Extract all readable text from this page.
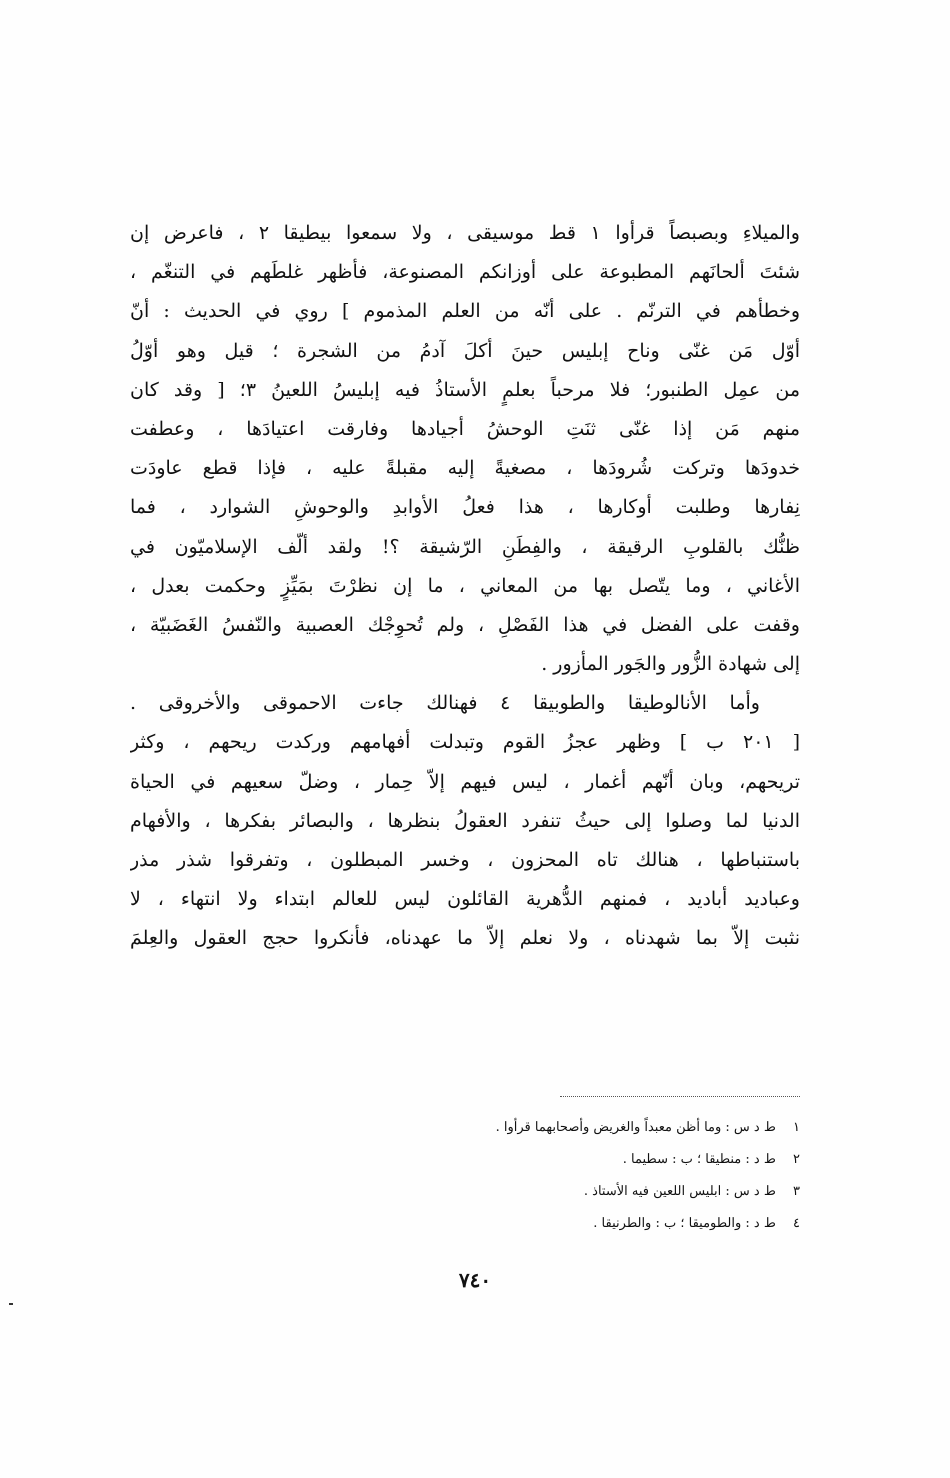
والميلاءِ وبصبصاً قرأوا ١ قط موسيقى ، ولا سمعوا بيطيقا ٢ ، فاعرض إن
شئتَ ألحانَهم المطبوعة على أوزانكم المصنوعة، فأظهر غلطَهم في التنغّم ،
وخطأهم في الترنّم . على أنّه من العلم المذموم ] روي في الحديث : أنّ
أوّل مَن غنّى وناح إبليس حينَ أكلَ آدمُ من الشجرة ؛ قيل وهو أوّلُ
من عمِل الطنبور؛ فلا مرحباً بعلمٍ الأستاذُ فيه إبليسُ اللعينُ ٣؛ [ وقد كان
منهم مَن إذا غنّى ثنَتِ الوحشُ أجيادها وفارقت اعتيادَها ، وعطفت
خدودَها وتركت شُرودَها ، مصغيةً إليه مقبلةً عليه ، فإذا قطع عاودَت
نِفارها وطلبت أوكارها ، هذا فعلُ الأوابدِ والوحوشِ الشوارد ، فما
ظنُّك بالقلوبِ الرقيقة ، والفِطَنِ الرّشيقة ؟! ولقد ألّف الإسلاميّون في
الأغاني ، وما يتّصل بها من المعاني ، ما إن نظرْتَ بمَيِّزٍ وحكمت بعدل ،
وقفت على الفضل في هذا الفَصْلِ ، ولم تُحوِجْك العصبية والنّفسُ الغَضَبيّة ،
إلى شهادة الزُّور والجَور المأزور .
وأما الأنالوطيقا والطوبيقا ٤ فهنالك جاءت الاحموقى والأخروقى .
[ ٢٠١ ب ] وظهر عجزُ القوم وتبدلت أفهامهم وركدت ريحهم ، وكثر
تريحهم، وبان أنّهم أغمار ، ليس فيهم إلاّ حِمار ، وضلّ سعيهم في الحياة
الدنيا لما وصلوا إلى حيثُ تنفرد العقولُ بنظرها ، والبصائر بفكرها ، والأفهام
باستنباطها ، هنالك تاه المحزون ، وخسر المبطلون ، وتفرقوا شذر مذر
وعباديد أباديد ، فمنهم الدُّهرية القائلون ليس للعالم ابتداء ولا انتهاء ، لا
نثبت إلاّ بما شهدناه ، ولا نعلم إلاّ ما عهدناه، فأنكروا حجج العقول والعِلمَ
١ ط د س : وما أظن معبداً والغريض وأصحابهما قرأوا .
٢ ط د : منطيقا ؛ ب : سطيما .
٣ ط د س : ابليس اللعين فيه الأستاذ .
٤ ط د : والطوميقا ؛ ب : والطرنيقا .
٧٤٠
